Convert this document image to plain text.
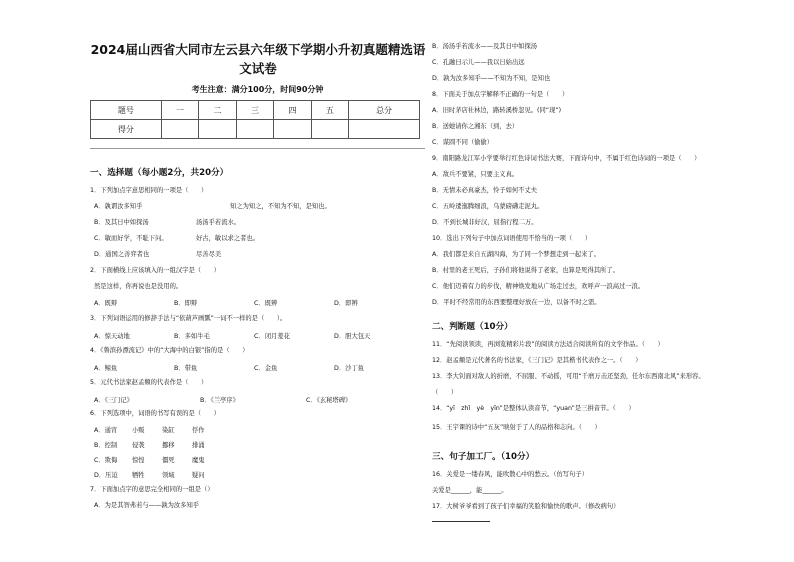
2024届山西省大同市左云县六年级下学期小升初真题精选语
文试卷
考生注意：满分100分，时间90分钟
题号	一	二	三	四	五	总分
得分						
一、选择题（每小题2分，共20分）
1．下列加点字意思相同的一项是（　　）
A．孰谓汝多知乎	知之为知之，不知为不知，是知也。
B．及其日中如探汤	汤汤乎若流水。
C．敏而好学，不耻下问。	好古，敏以求之者也。
D．通国之善弈者也	尽善尽美
2．下面横线上应该填入的一组汉字是（　　）
然是这样，你再说也是没用的。
A．既辩	B．即辩	C．既辨	D．即辨
3．下列词语运用的修辞手法与“依葫芦画瓢”一词不一样的是（　　）。
A．惊天动地	B．多如牛毛	C．闭月羞花	D．胆大包天
4．《鲁滨孙漂流记》中的“大海中的白银”指的是（　　）
A．鲸鱼	B．带鱼	C．金鱼	D．沙丁鱼
5．元代书法家赵孟頫的代表作是（　　）
A．《三门记》	B．《兰亭序》	C．《玄秘塔碑》
6．下列选项中，词语的书写有误的是（　　）
A．通宵 小贩	染缸	俘作
B．控制 侵袭	挪移	排涌
C．欺侮 惊惶	僵死	魔鬼
D．压迫 牺牲	领域	疑问
7．下面加点字的意思完全相同的一组是（）
A．为是其智弗若与——孰为汝多知乎
B．汤汤乎若流水——及其日中如探汤
C．孔融曰示儿——我以日始出远
D．孰为汝多知乎——不知为不知，是知也
8．下面关于加点字解释不正确的一句是（　　）
A．旧时茅店社林边，路转溪桥忽见。(同“现”)
B．送她请你之湘东（到，去）
C．谋圆不同（偷偷）
9．南阳路龙江军小学要举行红色诗词书法大赛，下面诗句中，不属于红色诗词的一项是（　　）
A．敌兵不要紧，只要主义真。
B．无情未必真豪杰，怜子如何不丈夫
C．五岭逶迤腾细浪，乌蒙磅礴走泥丸。
D．不到长城非好汉，屈指行程二万。
10．选出下列句子中加点词语使用不恰当的一项（　　）
A．我们都是来自五湖四海，为了同一个梦想走到一起来了。
B．村里的老王死后，子孙们将他说得了老家，也算是死得其所了。
C．他们迈着有力的步伐，精神焕发地从广场走过去，欢呼声一浪高过一浪。
D．平时不经常用的东西要整理好放在一边，以备不时之需。
二、判断题（10分）
11．“先阅读领读，再浏览精彩片段”的阅读方法适合阅读所有的文学作品。（　　）
12．赵孟頫是元代著名的书法家，《三门记》是其楷书代表作之一。（　　）
13．李大钊面对敌人的折磨，不屈服、不动摇，可用“千磨万击还坚劲，任尔东西南北风”来形容。
（　　）
14．“yī　zhǐ　yè　yīn”是整体认读音节，“yuan”是三拼音节。（　　）
15．王宇课的诗中“五灰”映射于了人的品格和志向。（　　）
三、句子加工厂。（10分）
16．关爱是一缕春风，能吹散心中的愁云。（仿写句子）
关爱是______，能______。
17．大树爷爷看到了孩子们幸福的笑脸和愉快的歌声。（修改病句）
